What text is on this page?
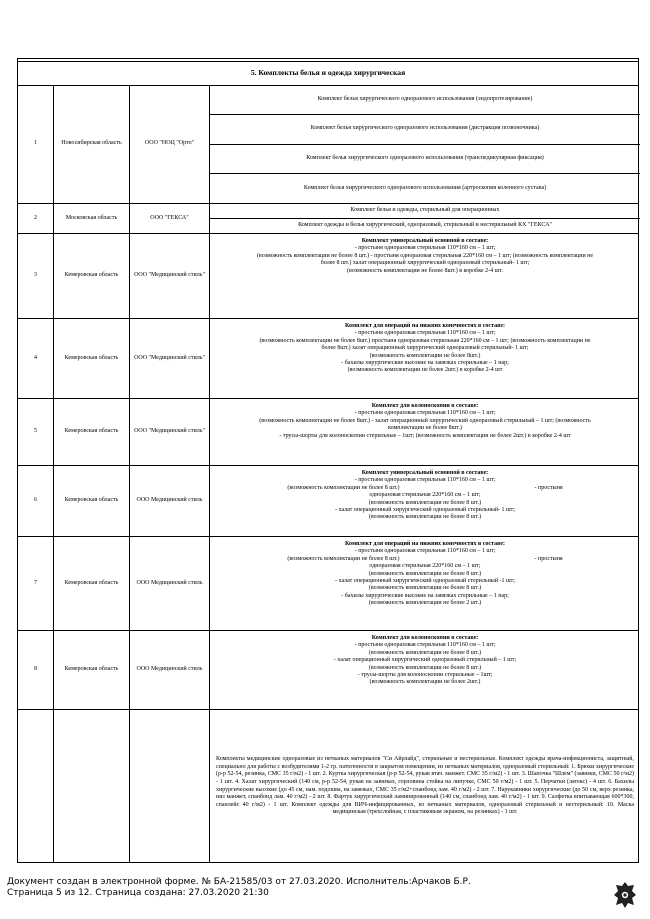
5. Комплекты белья и одежда хирургическая
1	Новосибирская область	ООО "НОЦ "Орто"
Комплект белья хирургического одноразового использования (эндопротезирование)
Комплект белья хирургического одноразового использования (дистракция позвоночника)
Комплект белья хирургического одноразового использования (транспедикулярная фиксация)
Комплект белья хирургического одноразового использования (артроскопия коленного сустава)
2	Московская область	ООО "ГЕКСА"
Комплект белья и одежды, стерильный для операционных
Комплект одежды и белья хирургический, одноразовый, стерильный и нестерильный КХ "ГЕКСА"
3	Кемеровская область	ООО "Медицинский стиль"
Комплект универсальный основной в составе:
- простыня одноразовая стерильная 110*160 см – 1 шт;
(возможность комплектации не более 8 шт.) - простыня одноразовая стерильная 220*160 см – 1 шт; (возможность комплектации не
более 8 шт.) халат операционный хирургический одноразовый стерильный- 1 шт;
(возможность комплектации не более 8шт.) в коробке 2-4 шт.
4	Кемеровская область	ООО "Медицинский стиль"
Комплект для операций на нижних конечностях в составе:
- простыня одноразовая стерильная 110*160 см – 1 шт;
(возможность комплектации не более 8шт.) простыня одноразовая стерильная 220*160 см – 1 шт; (возможность комплектации не
более 8шт.) халат операционный хирургический одноразовый стерильный- 1 шт;
(возможность комплектации не более 8шт.)
- бахилы хирургические высокие на завязках стерильные – 1 пар;
(возможность комплектации не более 2шт.) в коробке 2-4 шт
5	Кемеровская область	ООО "Медицинский стиль"
Комплект для колоноскопии в составе:
- простыня одноразовая стерильная 110*160 см – 1 шт;
(возможность комплектации не более 8шт.) - халат операционный хирургический одноразовый стерильный – 1 шт; (возможность
комплектации не более 8шт.)
- трусы-шорты для колоноскопии стерильные – 1шт; (возможность комплектации не более 2шт.) в коробке 2-4 шт
6	Кемеровская область	ООО Медицинский стиль
Комплект универсальный основной в составе:
- простыня одноразовая стерильная 110*160 см – 1 шт;
(возможность комплектации не более 8 шт.)                                                                                          - простыня
одноразовая стерильная 220*160 см – 1 шт;
(возможность комплектации не более 8 шт.)
- халат операционный хирургический одноразовый стерильный- 1 шт;
(возможность комплектации не более 8 шт.)
7	Кемеровская область	ООО Медицинский стиль
Комплект для операций на нижних конечностях в составе:
- простыня одноразовая стерильная 110*160 см – 1 шт;
(возможность комплектации не более 8 шт.)                                                                                          - простыня
одноразовая стерильная 220*160 см – 1 шт;
(возможность комплектации не более 8 шт.)
- халат операционный хирургический одноразовый стерильный -1 шт;
(возможность комплектации не более 8 шт.)
- бахилы хирургические высокие на завязках стерильные – 1 пар;
(возможность комплектации не более 2 шт.)
8	Кемеровская область	ООО Медицинский стиль
Комплект для колоноскопии в составе:
- простыня одноразовая стерильная 110*160 см – 1 шт;
(возможность комплектации не более 8 шт.)
- халат операционный хирургический одноразовый стерильный – 1 шт;
(возможность комплектации не более 8 шт.)
- трусы-шорты для колоноскопии стерильные – 1шт;
(возможность комплектации не более 2шт.)
Комплекты медицинские одноразовые из нетканых материалов "Си Айрлайд", стерильные и нестерильные. Комплект одежды врача-инфекциониста, защитный, специально для работы с возбудителями 1-2 гр. патогенности в закрытом помещении, из нетканых материалов, одноразовый стерильный: 1. Брюки хирургические (р-р 52-54, резинка, СМС 35 г/м2) - 1 шт. 2. Куртка хирургическая (р-р 52-54, рукав втач. манжет. СМС 35 г/м2) - 1 шт. 3. Шапочка "Шлем" (завязки, СМС 50 г/м2) - 1 шт. 4. Халат хирургический (140 см, р-р 52-54, рукав на завязках, горловина стойка на липучке, СМС 50 г/м2) - 1 шт. 5. Перчатки (латекс) - 4 шт. 6. Бахилы хирургические высокие (до 45 см, нам. подошва, на завязках, СМС 35 г/м2+спанбонд лам. 40 г/м2) - 2 шт. 7. Нарукавники хирургические (до 50 см, верх резинка, низ манжет, спанбонд лам. 40 г/м2) - 2 шт. 8. Фартук хирургический ламинированный (140 см, спанбонд лам. 40 г/м2) - 1 шт. 9. Салфетка впитывающая 600*300, спанлейс 40 г/м2) - 1 шт. Комплект одежды для ВИЧ-инфицированных, из нетканых материалов, одноразовый стерильный и нестерильный: 10. Маска медицинская (трехслойная, с пластиковым экраном, на резинках) - 1 шт.
Документ создан в электронной форме. № БА-21585/03 от 27.03.2020. Исполнитель:Арчаков Б.Р.
Страница 5 из 12. Страница создана: 27.03.2020 21:30
